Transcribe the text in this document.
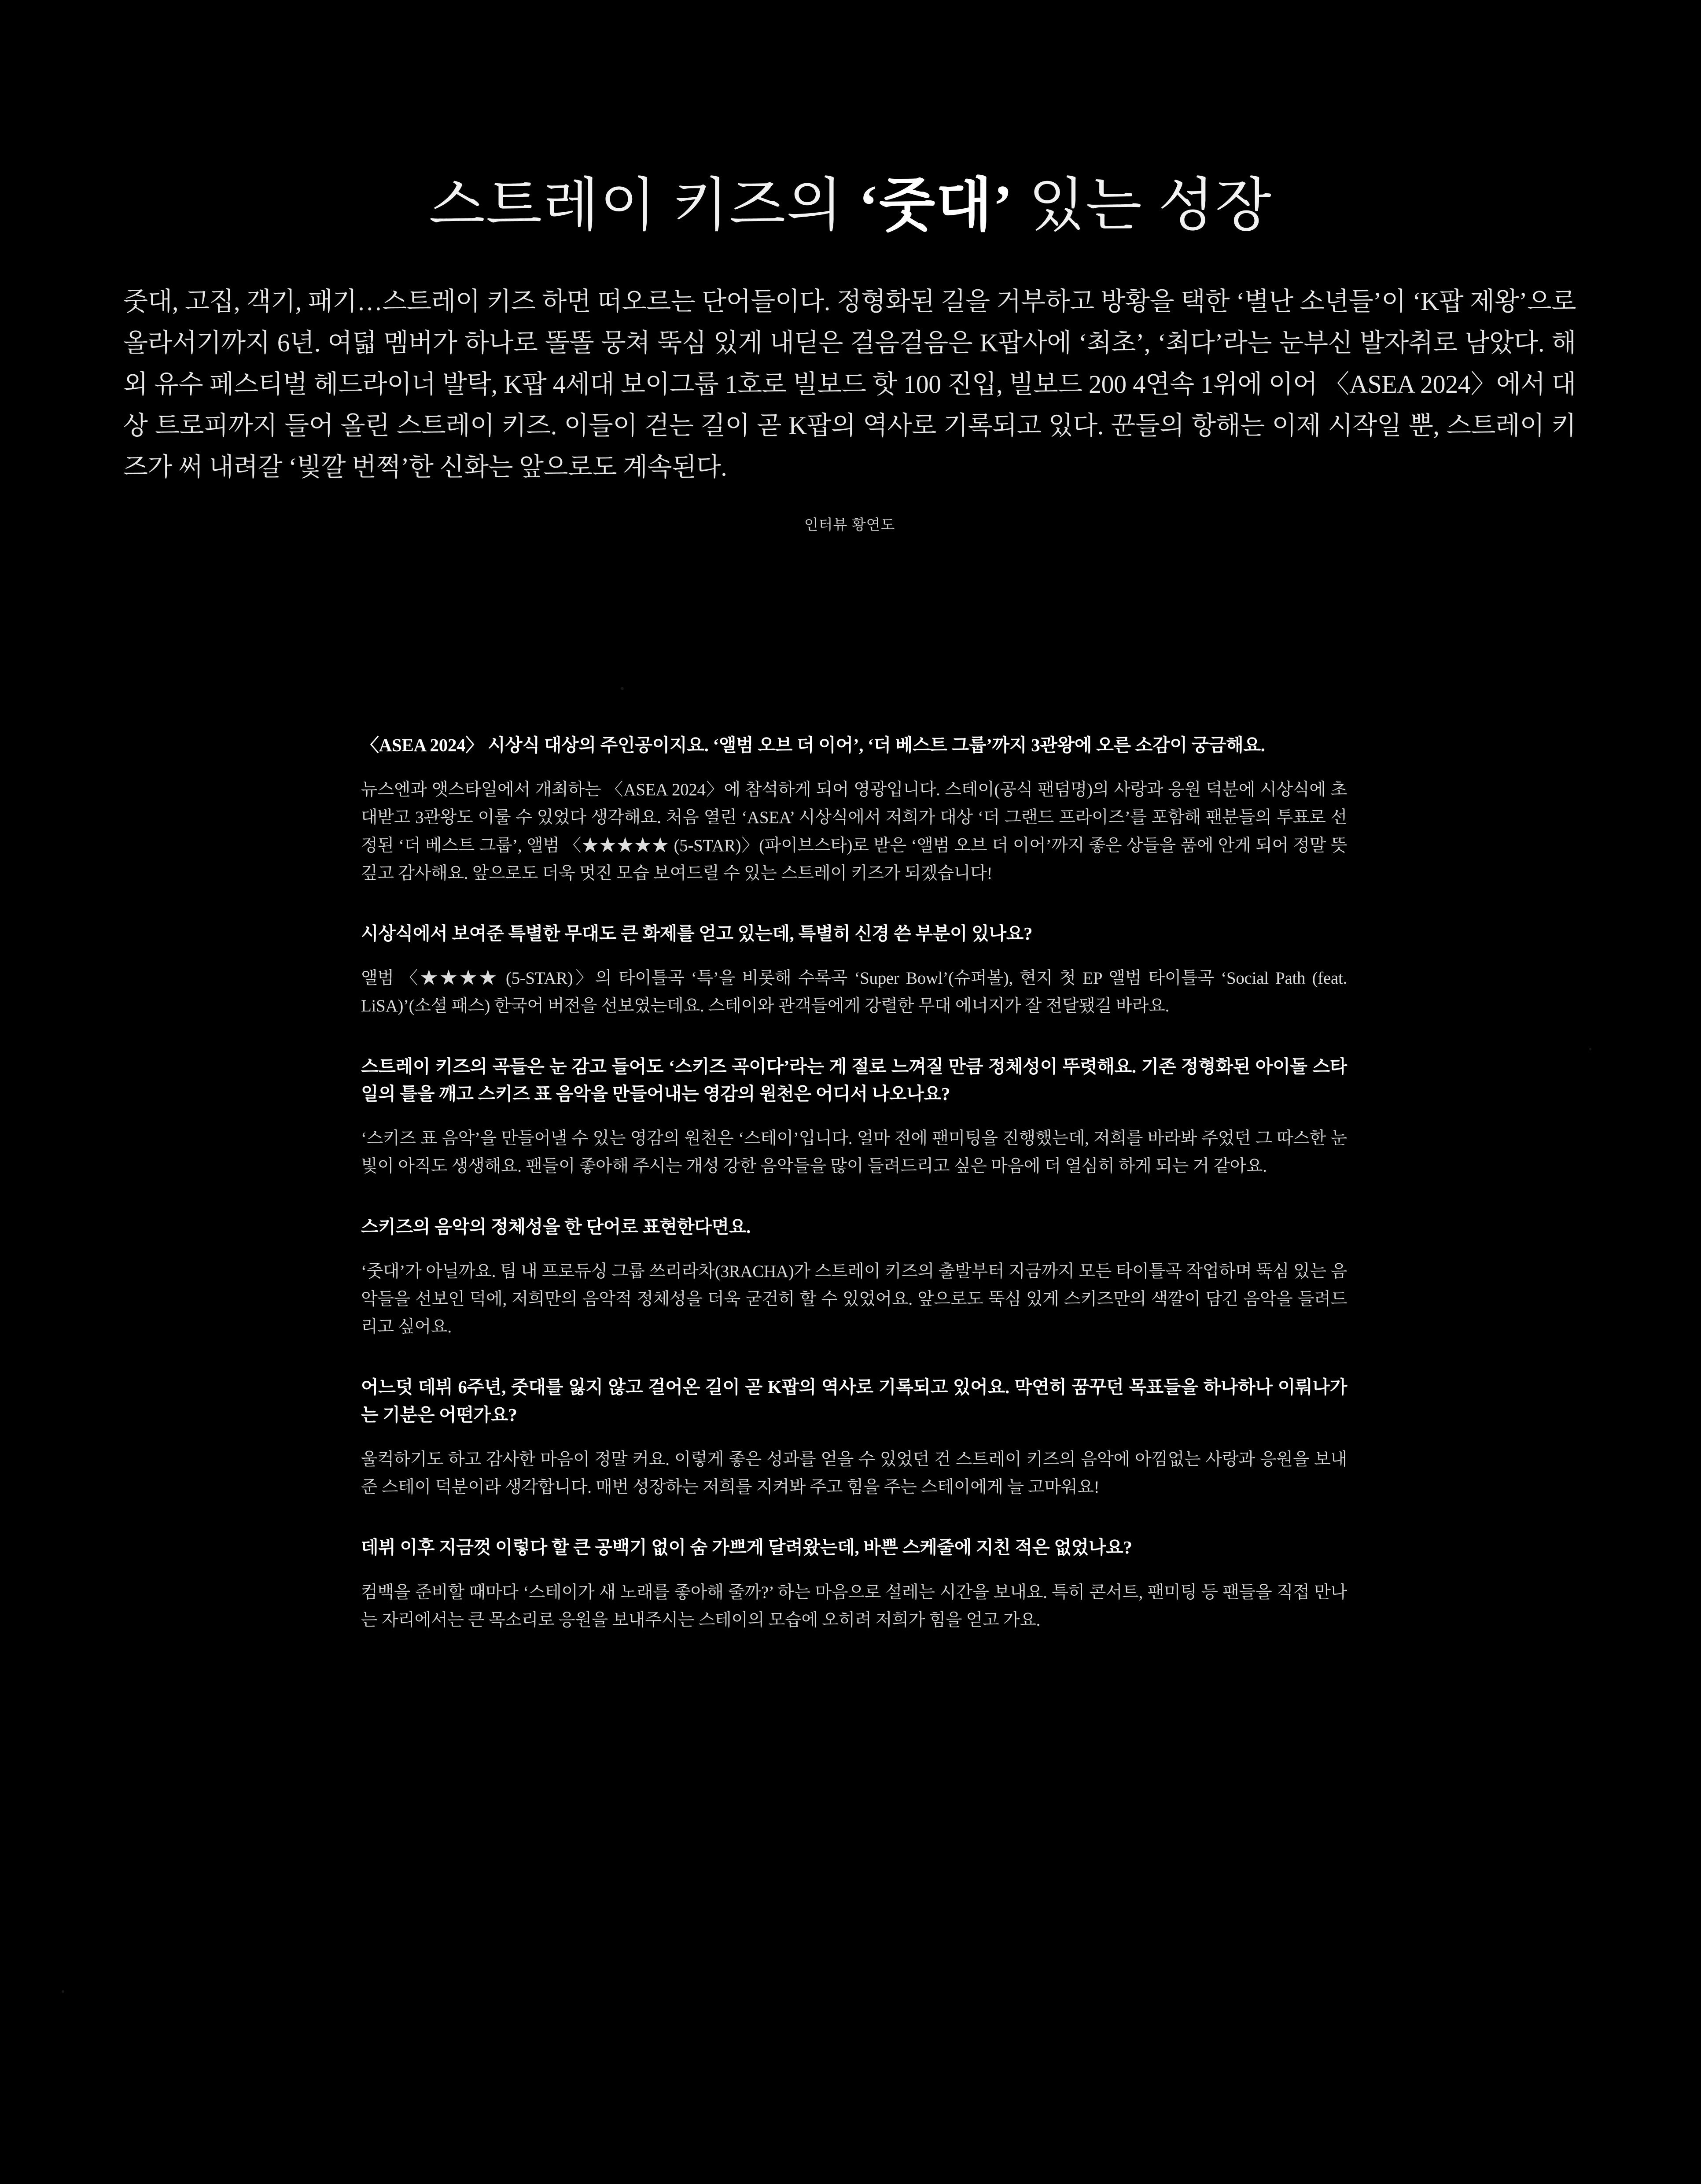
스트레이 키즈의 ‘줏대’ 있는 성장

줏대, 고집, 객기, 패기…스트레이 키즈 하면 떠오르는 단어들이다. 정형화된 길을 거부하고 방황을 택한 ‘별난 소년들’이 ‘K팝 제왕’으로 올라서기까지 6년. 여덟 멤버가 하나로 똘똘 뭉쳐 뚝심 있게 내딛은 걸음걸음은 K팝사에 ‘최초’, ‘최다’라는 눈부신 발자취로 남았다. 해외 유수 페스티벌 헤드라이너 발탁, K팝 4세대 보이그룹 1호로 빌보드 핫 100 진입, 빌보드 200 4연속 1위에 이어 〈ASEA 2024〉에서 대상 트로피까지 들어 올린 스트레이 키즈. 이들이 걷는 길이 곧 K팝의 역사로 기록되고 있다. 꾼들의 항해는 이제 시작일 뿐, 스트레이 키즈가 써 내려갈 ‘빛깔 번쩍’한 신화는 앞으로도 계속된다.

인터뷰 황연도

〈ASEA 2024〉 시상식 대상의 주인공이지요. ‘앨범 오브 더 이어’, ‘더 베스트 그룹’까지 3관왕에 오른 소감이 궁금해요.

뉴스엔과 앳스타일에서 개최하는 〈ASEA 2024〉에 참석하게 되어 영광입니다. 스테이(공식 팬덤명)의 사랑과 응원 덕분에 시상식에 초대받고 3관왕도 이룰 수 있었다 생각해요. 처음 열린 ‘ASEA’ 시상식에서 저희가 대상 ‘더 그랜드 프라이즈’를 포함해 팬분들의 투표로 선정된 ‘더 베스트 그룹’, 앨범 〈★★★★★ (5-STAR)〉(파이브스타)로 받은 ‘앨범 오브 더 이어’까지 좋은 상들을 품에 안게 되어 정말 뜻깊고 감사해요. 앞으로도 더욱 멋진 모습 보여드릴 수 있는 스트레이 키즈가 되겠습니다!

시상식에서 보여준 특별한 무대도 큰 화제를 얻고 있는데, 특별히 신경 쓴 부분이 있나요?

앨범 〈★★★★ (5-STAR)〉의 타이틀곡 ‘특’을 비롯해 수록곡 ‘Super Bowl’(슈퍼볼), 현지 첫 EP 앨범 타이틀곡 ‘Social Path (feat. LiSA)’(소셜 패스) 한국어 버전을 선보였는데요. 스테이와 관객들에게 강렬한 무대 에너지가 잘 전달됐길 바라요.

스트레이 키즈의 곡들은 눈 감고 들어도 ‘스키즈 곡이다’라는 게 절로 느껴질 만큼 정체성이 뚜렷해요. 기존 정형화된 아이돌 스타일의 틀을 깨고 스키즈 표 음악을 만들어내는 영감의 원천은 어디서 나오나요?

‘스키즈 표 음악’을 만들어낼 수 있는 영감의 원천은 ‘스테이’입니다. 얼마 전에 팬미팅을 진행했는데, 저희를 바라봐 주었던 그 따스한 눈빛이 아직도 생생해요. 팬들이 좋아해 주시는 개성 강한 음악들을 많이 들려드리고 싶은 마음에 더 열심히 하게 되는 거 같아요.

스키즈의 음악의 정체성을 한 단어로 표현한다면요.

‘줏대’가 아닐까요. 팀 내 프로듀싱 그룹 쓰리라차(3RACHA)가 스트레이 키즈의 출발부터 지금까지 모든 타이틀곡 작업하며 뚝심 있는 음악들을 선보인 덕에, 저희만의 음악적 정체성을 더욱 굳건히 할 수 있었어요. 앞으로도 뚝심 있게 스키즈만의 색깔이 담긴 음악을 들려드리고 싶어요.

어느덧 데뷔 6주년, 줏대를 잃지 않고 걸어온 길이 곧 K팝의 역사로 기록되고 있어요. 막연히 꿈꾸던 목표들을 하나하나 이뤄나가는 기분은 어떤가요?

울컥하기도 하고 감사한 마음이 정말 커요. 이렇게 좋은 성과를 얻을 수 있었던 건 스트레이 키즈의 음악에 아낌없는 사랑과 응원을 보내준 스테이 덕분이라 생각합니다. 매번 성장하는 저희를 지켜봐 주고 힘을 주는 스테이에게 늘 고마워요!

데뷔 이후 지금껏 이렇다 할 큰 공백기 없이 숨 가쁘게 달려왔는데, 바쁜 스케줄에 지친 적은 없었나요?

컴백을 준비할 때마다 ‘스테이가 새 노래를 좋아해 줄까?’ 하는 마음으로 설레는 시간을 보내요. 특히 콘서트, 팬미팅 등 팬들을 직접 만나는 자리에서는 큰 목소리로 응원을 보내주시는 스테이의 모습에 오히려 저희가 힘을 얻고 가요.
